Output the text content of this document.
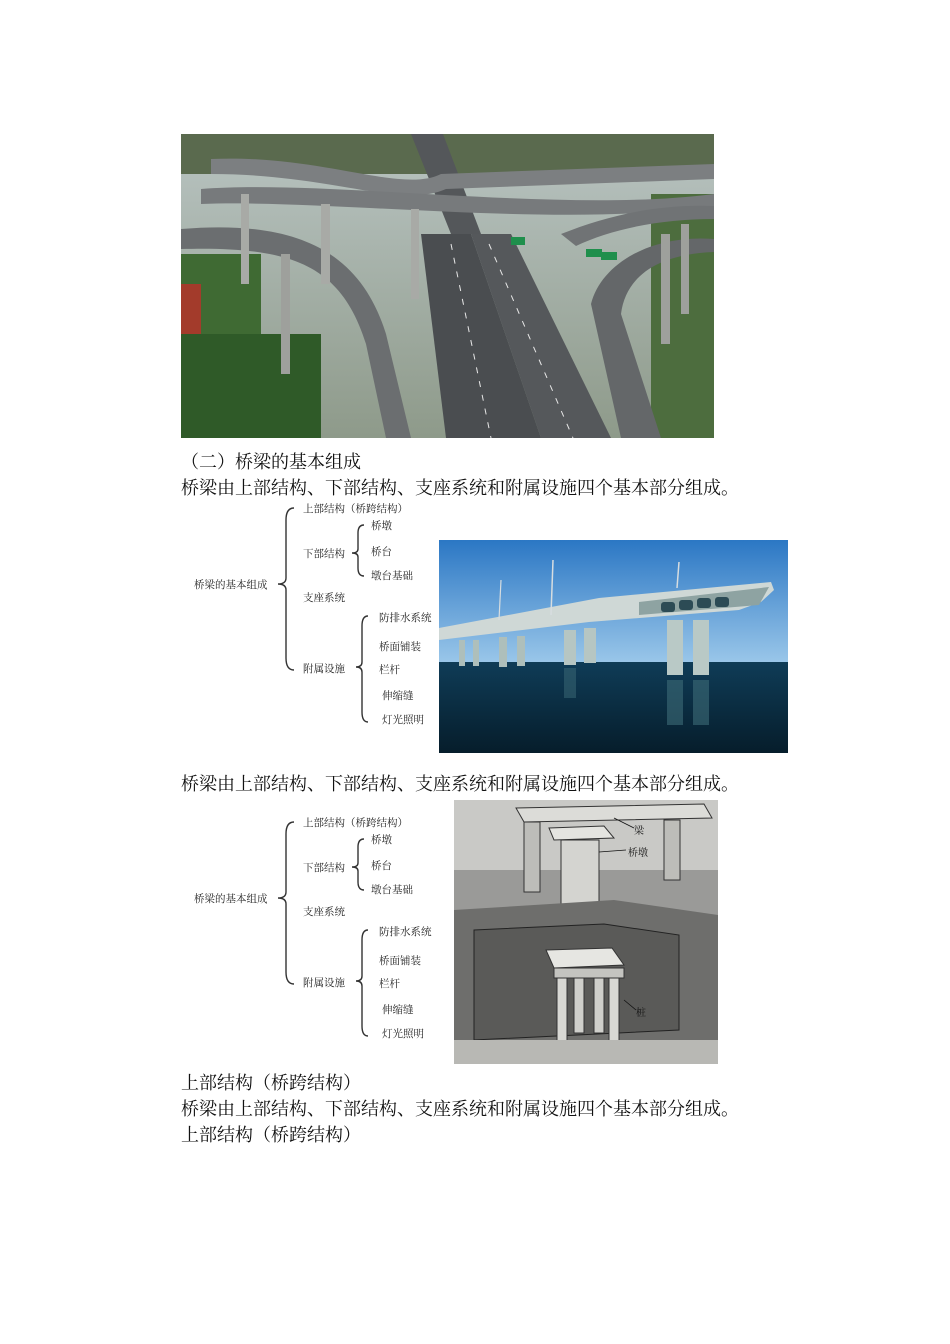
（二）桥梁的基本组成
桥梁由上部结构、下部结构、支座系统和附属设施四个基本部分组成。
桥梁的基本组成
上部结构（桥跨结构）
下部结构
桥墩
桥台
墩台基础
支座系统
附属设施
防排水系统
桥面铺装
栏杆
伸缩缝
灯光照明
桥梁由上部结构、下部结构、支座系统和附属设施四个基本部分组成。
桥梁的基本组成
上部结构（桥跨结构）
下部结构
桥墩
桥台
墩台基础
支座系统
附属设施
防排水系统
桥面铺装
栏杆
伸缩缝
灯光照明
梁
桥墩
桩
上部结构（桥跨结构）
桥梁由上部结构、下部结构、支座系统和附属设施四个基本部分组成。
上部结构（桥跨结构）
